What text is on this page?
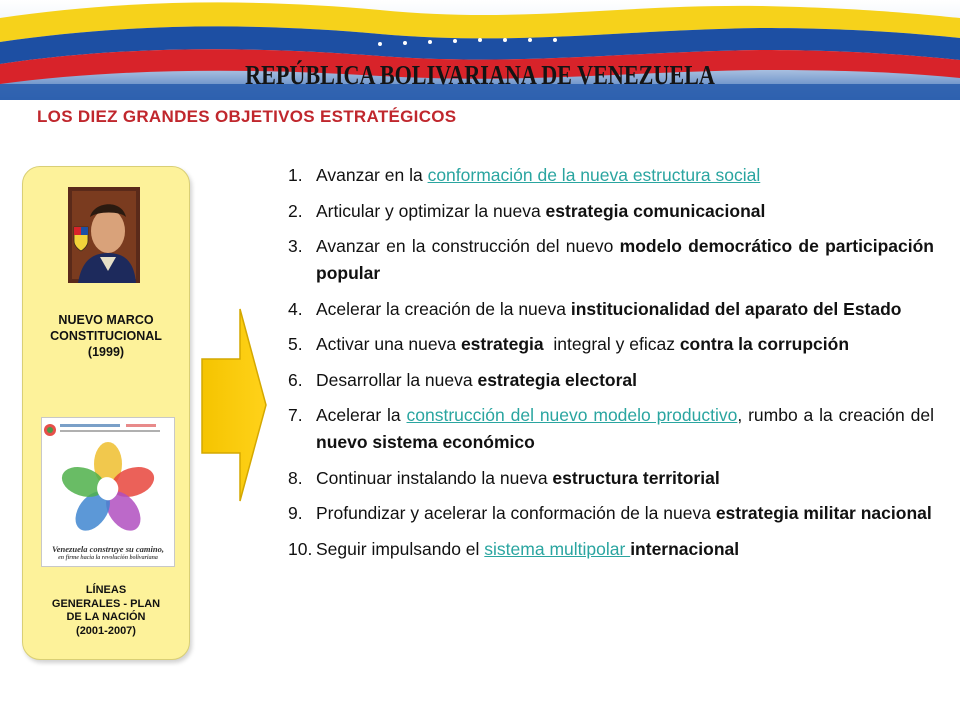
REPÚBLICA BOLIVARIANA DE VENEZUELA
LOS DIEZ GRANDES OBJETIVOS ESTRATÉGICOS
NUEVO MARCO
CONSTITUCIONAL
(1999)
Venezuela construye su camino,
en firme hacia la revolución bolivariana
LÍNEAS
GENERALES - PLAN
DE LA NACIÓN
(2001-2007)
1. Avanzar en la conformación de la nueva estructura social
2. Articular y optimizar la nueva estrategia comunicacional
3. Avanzar en la construcción del nuevo modelo democrático de participación popular
4. Acelerar la creación de la nueva institucionalidad del aparato del Estado
5. Activar una nueva estrategia  integral y eficaz contra la corrupción
6. Desarrollar la nueva estrategia electoral
7. Acelerar la construcción del nuevo modelo productivo, rumbo a la creación del nuevo sistema económico
8. Continuar instalando la nueva estructura territorial
9. Profundizar y acelerar la conformación de la nueva estrategia militar nacional
10. Seguir impulsando el sistema multipolar internacional
